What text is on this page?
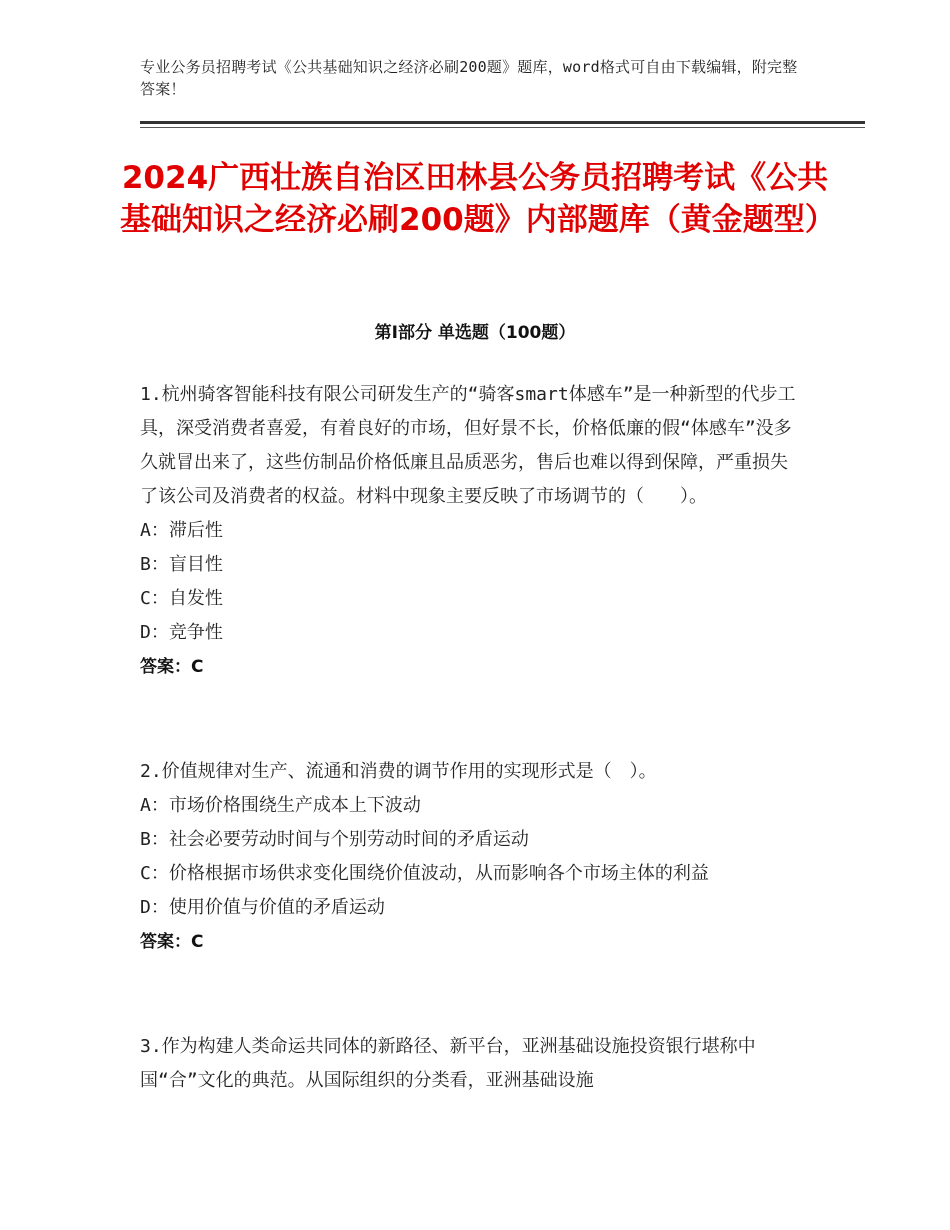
专业公务员招聘考试《公共基础知识之经济必刷200题》题库，word格式可自由下载编辑，附完整答案！
2024广西壮族自治区田林县公务员招聘考试《公共基础知识之经济必刷200题》内部题库（黄金题型）
第Ⅰ部分 单选题（100题）
1.杭州骑客智能科技有限公司研发生产的“骑客smart体感车”是一种新型的代步工具，深受消费者喜爱，有着良好的市场，但好景不长，价格低廉的假“体感车”没多久就冒出来了，这些仿制品价格低廉且品质恶劣，售后也难以得到保障，严重损失了该公司及消费者的权益。材料中现象主要反映了市场调节的（　　）。
A：滞后性
B：盲目性
C：自发性
D：竞争性
答案：C
2.价值规律对生产、流通和消费的调节作用的实现形式是（　）。
A：市场价格围绕生产成本上下波动
B：社会必要劳动时间与个别劳动时间的矛盾运动
C：价格根据市场供求变化围绕价值波动，从而影响各个市场主体的利益
D：使用价值与价值的矛盾运动
答案：C
3.作为构建人类命运共同体的新路径、新平台，亚洲基础设施投资银行堪称中国“合”文化的典范。从国际组织的分类看，亚洲基础设施
